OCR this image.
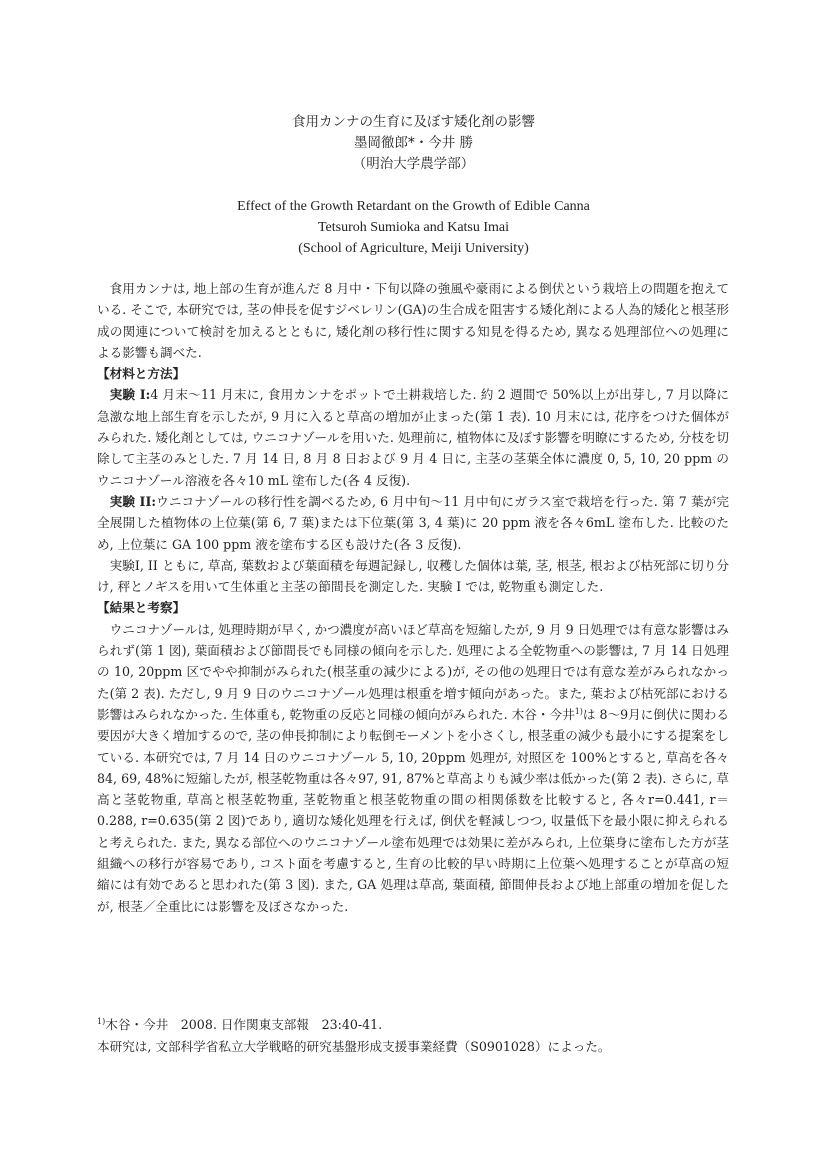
食用カンナの生育に及ぼす矮化剤の影響
墨岡徹郎*・今井 勝
（明治大学農学部）
Effect of the Growth Retardant on the Growth of Edible Canna
Tetsuroh Sumioka and Katsu Imai
(School of Agriculture, Meiji University)

食用カンナは, 地上部の生育が進んだ 8 月中・下旬以降の強風や豪雨による倒伏という栽培上の問題を抱えている. そこで, 本研究では, 茎の伸長を促すジベレリン(GA)の生合成を阻害する矮化剤による人為的矮化と根茎形成の関連について検討を加えるとともに, 矮化剤の移行性に関する知見を得るため, 異なる処理部位への処理による影響も調べた.

【材料と方法】

実験 I:4 月末～11 月末に, 食用カンナをポットで土耕栽培した. 約 2 週間で 50%以上が出芽し, 7 月以降に急激な地上部生育を示したが, 9 月に入ると草高の増加が止まった(第 1 表). 10 月末には, 花序をつけた個体がみられた. 矮化剤としては, ウニコナゾールを用いた. 処理前に, 植物体に及ぼす影響を明瞭にするため, 分枝を切除して主茎のみとした. 7 月 14 日, 8 月 8 日および 9 月 4 日に, 主茎の茎葉全体に濃度 0, 5, 10, 20 ppm のウニコナゾール溶液を各々10 mL 塗布した(各 4 反復).

実験 II:ウニコナゾールの移行性を調べるため, 6 月中旬～11 月中旬にガラス室で栽培を行った. 第 7 葉が完全展開した植物体の上位葉(第 6, 7 葉)または下位葉(第 3, 4 葉)に 20 ppm 液を各々6mL 塗布した. 比較のため, 上位葉に GA 100 ppm 液を塗布する区も設けた(各 3 反復).

実験I, II ともに, 草高, 葉数および葉面積を毎週記録し, 収穫した個体は葉, 茎, 根茎, 根および枯死部に切り分け, 秤とノギスを用いて生体重と主茎の節間長を測定した. 実験 I では, 乾物重も測定した.

【結果と考察】

ウニコナゾールは, 処理時期が早く, かつ濃度が高いほど草高を短縮したが, 9 月 9 日処理では有意な影響はみられず(第 1 図), 葉面積および節間長でも同様の傾向を示した. 処理による全乾物重への影響は, 7 月 14 日処理の 10, 20ppm 区でやや抑制がみられた(根茎重の減少による)が, その他の処理日では有意な差がみられなかった(第 2 表). ただし, 9 月 9 日のウニコナゾール処理は根重を増す傾向があった。また, 葉および枯死部における影響はみられなかった. 生体重も, 乾物重の反応と同様の傾向がみられた. 木谷・今井$^{1)}$は 8～9月に倒伏に関わる要因が大きく増加するので, 茎の伸長抑制により転倒モーメントを小さくし, 根茎重の減少も最小にする提案をしている. 本研究では, 7 月 14 日のウニコナゾール 5, 10, 20ppm 処理が, 対照区を 100%とすると, 草高を各々84, 69, 48%に短縮したが, 根茎乾物重は各々97, 91, 87%と草高よりも減少率は低かった(第 2 表). さらに, 草高と茎乾物重, 草高と根茎乾物重, 茎乾物重と根茎乾物重の間の相関係数を比較すると, 各々r=0.441, r＝0.288, r=0.635(第 2 図)であり, 適切な矮化処理を行えば, 倒伏を軽減しつつ, 収量低下を最小限に抑えられると考えられた. また, 異なる部位へのウニコナゾール塗布処理では効果に差がみられ, 上位葉身に塗布した方が茎組織への移行が容易であり, コスト面を考慮すると, 生育の比較的早い時期に上位葉へ処理することが草高の短縮には有効であると思われた(第 3 図). また, GA 処理は草高, 葉面積, 節間伸長および地上部重の増加を促したが, 根茎／全重比には影響を及ぼさなかった.

$^{1)}$木谷・今井　2008. 日作関東支部報　23:40-41.
本研究は, 文部科学省私立大学戦略的研究基盤形成支援事業経費（S0901028）によった。
